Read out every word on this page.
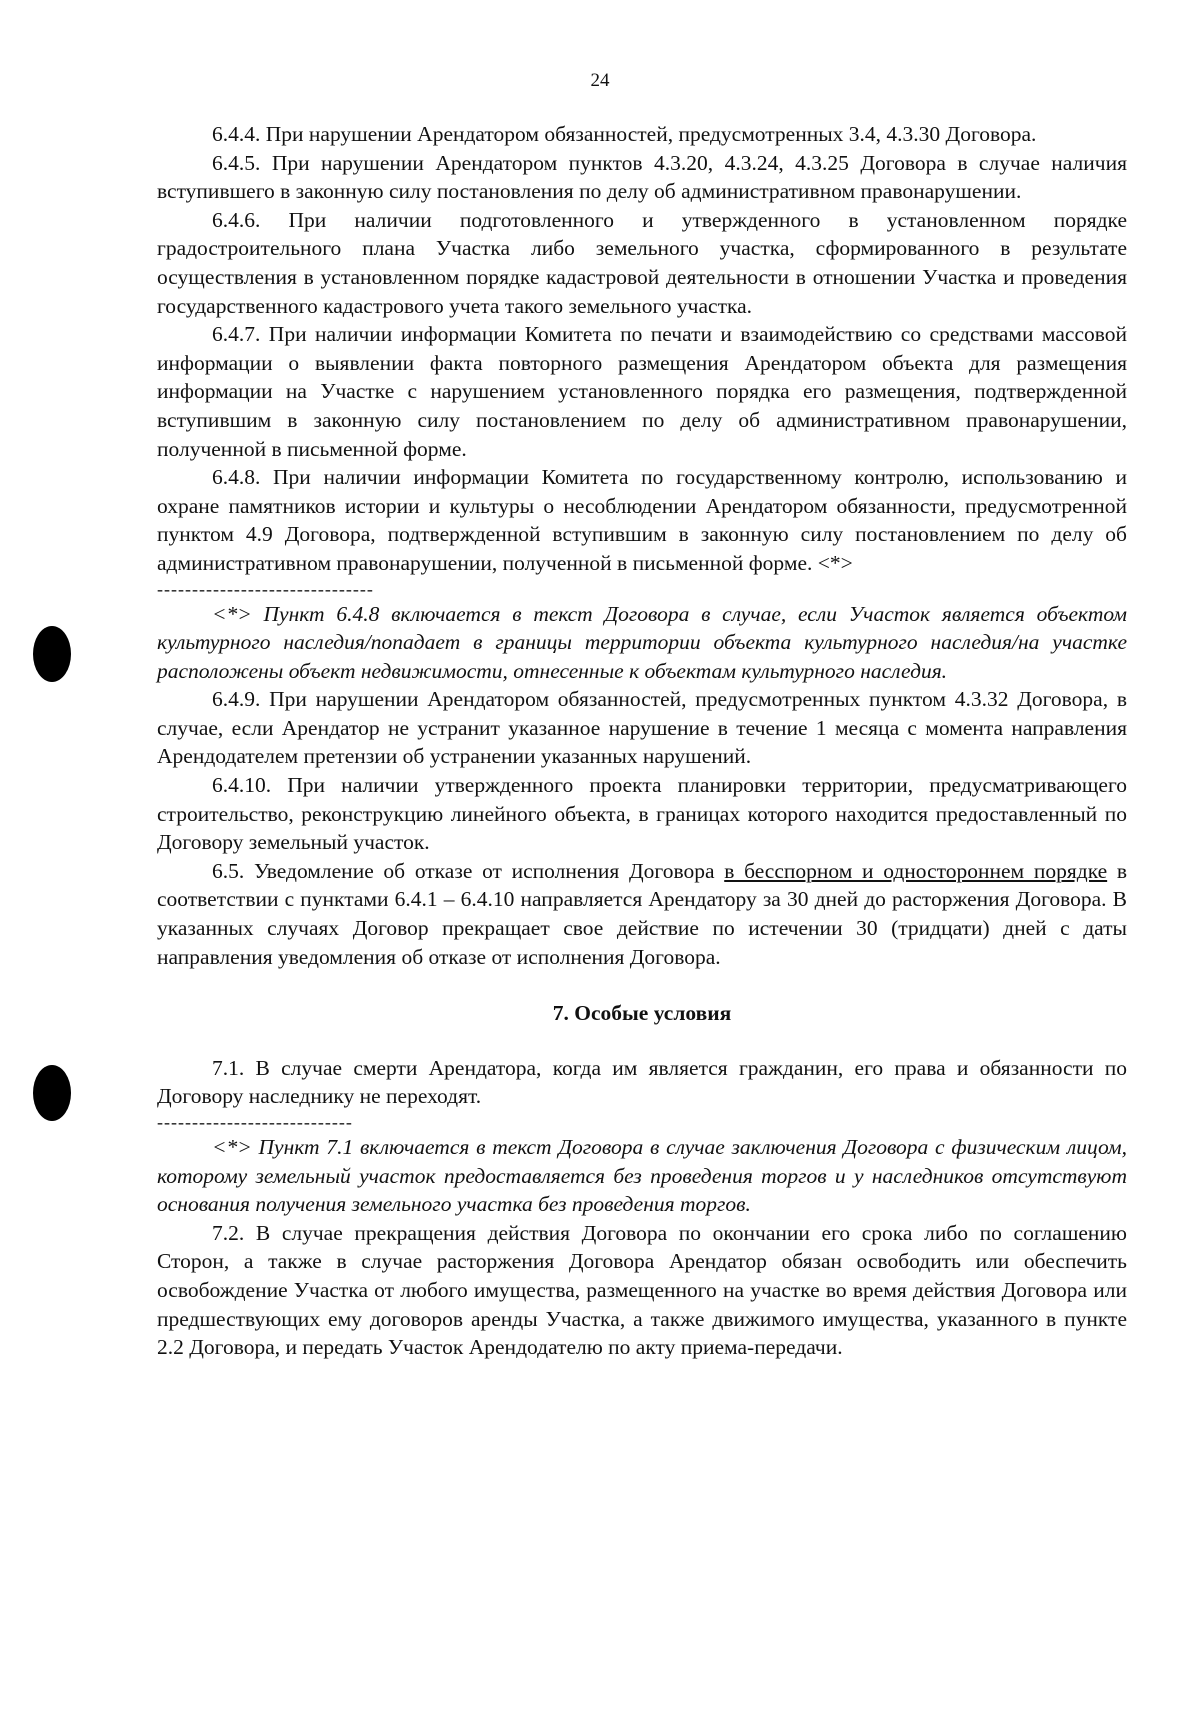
24

6.4.4. При нарушении Арендатором обязанностей, предусмотренных 3.4, 4.3.30 Договора.

6.4.5. При нарушении Арендатором пунктов 4.3.20, 4.3.24, 4.3.25 Договора в случае наличия вступившего в законную силу постановления по делу об административном правонарушении.

6.4.6. При наличии подготовленного и утвержденного в установленном порядке градостроительного плана Участка либо земельного участка, сформированного в результате осуществления в установленном порядке кадастровой деятельности в отношении Участка и проведения государственного кадастрового учета такого земельного участка.

6.4.7. При наличии информации Комитета по печати и взаимодействию со средствами массовой информации о выявлении факта повторного размещения Арендатором объекта для размещения информации на Участке с нарушением установленного порядка его размещения, подтвержденной вступившим в законную силу постановлением по делу об административном правонарушении, полученной в письменной форме.

6.4.8. При наличии информации Комитета по государственному контролю, использованию и охране памятников истории и культуры о несоблюдении Арендатором обязанности, предусмотренной пунктом 4.9 Договора, подтвержденной вступившим в законную силу постановлением по делу об административном правонарушении, полученной в письменной форме. <*>

-------------------------------

<*> Пункт 6.4.8 включается в текст Договора в случае, если Участок является объектом культурного наследия/попадает в границы территории объекта культурного наследия/на участке расположены объект недвижимости, отнесенные к объектам культурного наследия.

6.4.9. При нарушении Арендатором обязанностей, предусмотренных пунктом 4.3.32 Договора, в случае, если Арендатор не устранит указанное нарушение в течение 1 месяца с момента направления Арендодателем претензии об устранении указанных нарушений.

6.4.10. При наличии утвержденного проекта планировки территории, предусматривающего строительство, реконструкцию линейного объекта, в границах которого находится предоставленный по Договору земельный участок.

6.5. Уведомление об отказе от исполнения Договора в бесспорном и одностороннем порядке в соответствии с пунктами 6.4.1 – 6.4.10 направляется Арендатору за 30 дней до расторжения Договора. В указанных случаях Договор прекращает свое действие по истечении 30 (тридцати) дней с даты направления уведомления об отказе от исполнения Договора.

7. Особые условия

7.1. В случае смерти Арендатора, когда им является гражданин, его права и обязанности по Договору наследнику не переходят.

----------------------------

<*> Пункт 7.1 включается в текст Договора в случае заключения Договора с физическим лицом, которому земельный участок предоставляется без проведения торгов и у наследников отсутствуют основания получения земельного участка без проведения торгов.

7.2. В случае прекращения действия Договора по окончании его срока либо по соглашению Сторон, а также в случае расторжения Договора Арендатор обязан освободить или обеспечить освобождение Участка от любого имущества, размещенного на участке во время действия Договора или предшествующих ему договоров аренды Участка, а также движимого имущества, указанного в пункте 2.2 Договора, и передать Участок Арендодателю по акту приема-передачи.
